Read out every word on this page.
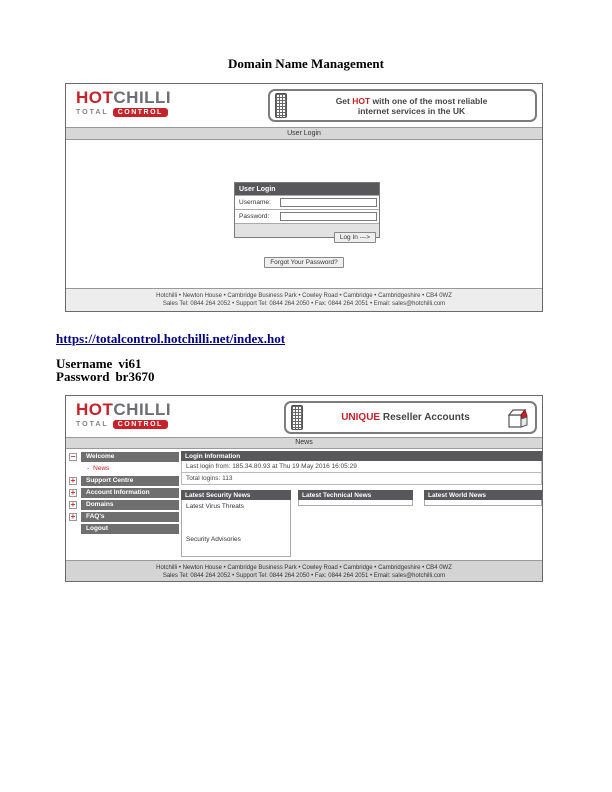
Domain Name Management
HOTCHILLI
TOTAL	CONTROL
Get HOT with one of the most reliable
internet services in the UK
User Login
User Login
Username:
Password:
Log In --->
Forgot Your Password?
Hotchilli • Newton House • Cambridge Business Park • Cowley Road • Cambridge • Cambridgeshire • CB4 0WZ
Sales Tel: 0844 264 2052 • Support Tel: 0844 264 2050 • Fax: 0844 264 2051 • Email: sales@hotchilli.com
https://totalcontrol.hotchilli.net/index.hot
Username vi61
Password br3670
HOTCHILLI
TOTAL	CONTROL
UNIQUE Reseller Accounts
News
−	Welcome
- News
+	Support Centre
+	Account Information
+	Domains
+	FAQ's
Logout
Login Information
Last login from: 185.34.80.93 at Thu 19 May 2016 16:05:29
Total logins: 113
Latest Security News
Latest Virus Threats
Security Advisories
Latest Technical News	Latest World News
Hotchilli • Newton House • Cambridge Business Park • Cowley Road • Cambridge • Cambridgeshire • CB4 0WZ
Sales Tel: 0844 264 2052 • Support Tel: 0844 264 2050 • Fax: 0844 264 2051 • Email: sales@hotchilli.com
